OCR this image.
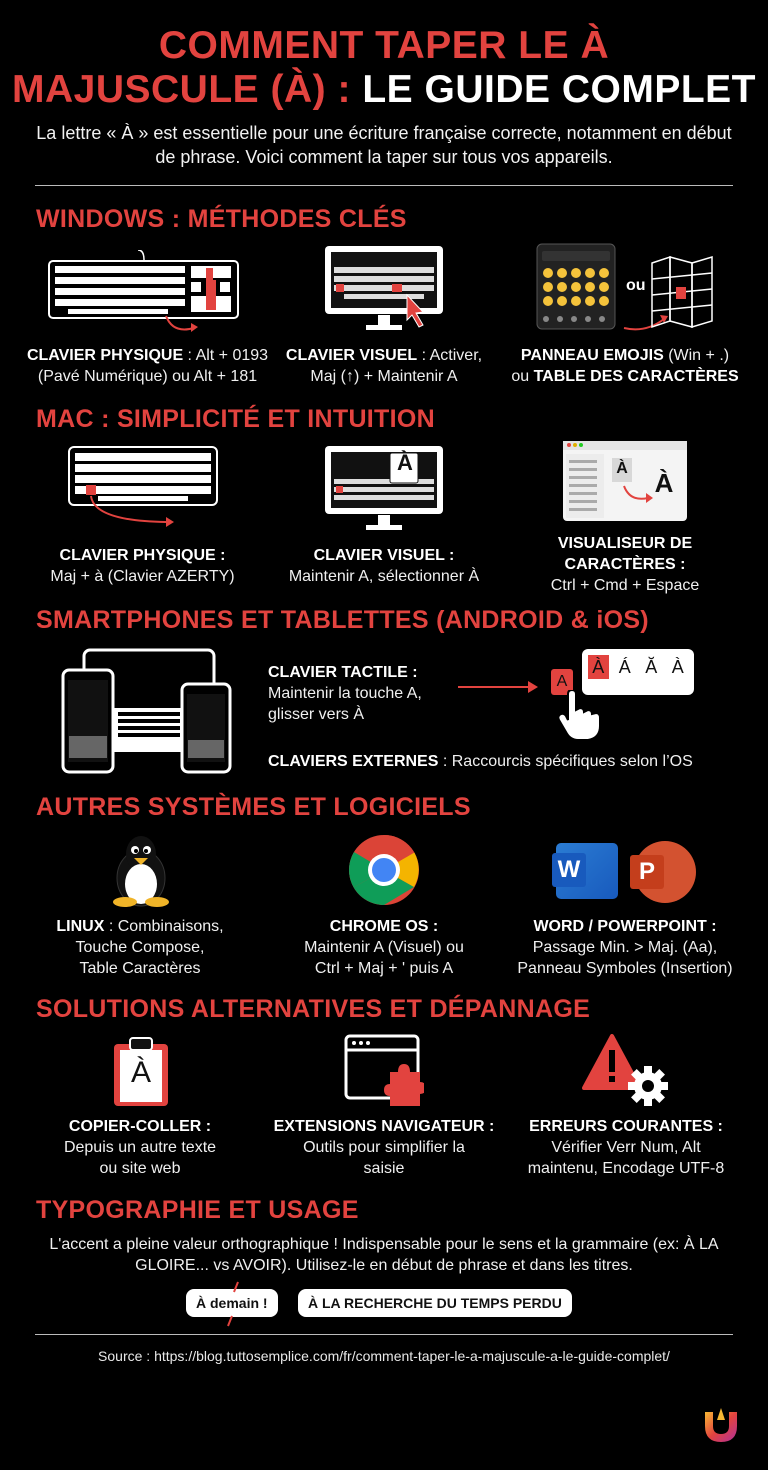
COMMENT TAPER LE À
MAJUSCULE (À) : LE GUIDE COMPLET
La lettre « À » est essentielle pour une écriture française correcte, notamment en début de phrase. Voici comment la taper sur tous vos appareils.
WINDOWS : MÉTHODES CLÉS
ou
CLAVIER PHYSIQUE : Alt + 0193
(Pavé Numérique) ou Alt + 181
CLAVIER VISUEL : Activer,
Maj (↑) + Maintenir A
PANNEAU EMOJIS (Win + .)
ou TABLE DES CARACTÈRES
MAC : SIMPLICITÉ ET INTUITION
À	À À
CLAVIER PHYSIQUE :
Maj + à (Clavier AZERTY)
CLAVIER VISUEL :
Maintenir A, sélectionner À
VISUALISEUR DE
CARACTÈRES :
Ctrl + Cmd + Espace
SMARTPHONES ET TABLETTES (ANDROID & iOS)
CLAVIER TACTILE :
Maintenir la touche A,
glisser vers À
À Á Ă À
A
CLAVIERS EXTERNES : Raccourcis spécifiques selon l’OS
AUTRES SYSTÈMES ET LOGICIELS
W	P
LINUX : Combinaisons,
Touche Compose,
Table Caractères
CHROME OS :
Maintenir A (Visuel) ou
Ctrl + Maj + ' puis A
WORD / POWERPOINT :
Passage Min. > Maj. (Aa),
Panneau Symboles (Insertion)
SOLUTIONS ALTERNATIVES ET DÉPANNAGE
À
COPIER-COLLER :
Depuis un autre texte
ou site web
EXTENSIONS NAVIGATEUR :
Outils pour simplifier la
saisie
ERREURS COURANTES :
Vérifier Verr Num, Alt
maintenu, Encodage UTF-8
TYPOGRAPHIE ET USAGE
L'accent a pleine valeur orthographique ! Indispensable pour le sens et la grammaire (ex: À LA GLOIRE... vs AVOIR). Utilisez-le en début de phrase et dans les titres.
À demain !	À LA RECHERCHE DU TEMPS PERDU
Source : https://blog.tuttosemplice.com/fr/comment-taper-le-a-majuscule-a-le-guide-complet/
